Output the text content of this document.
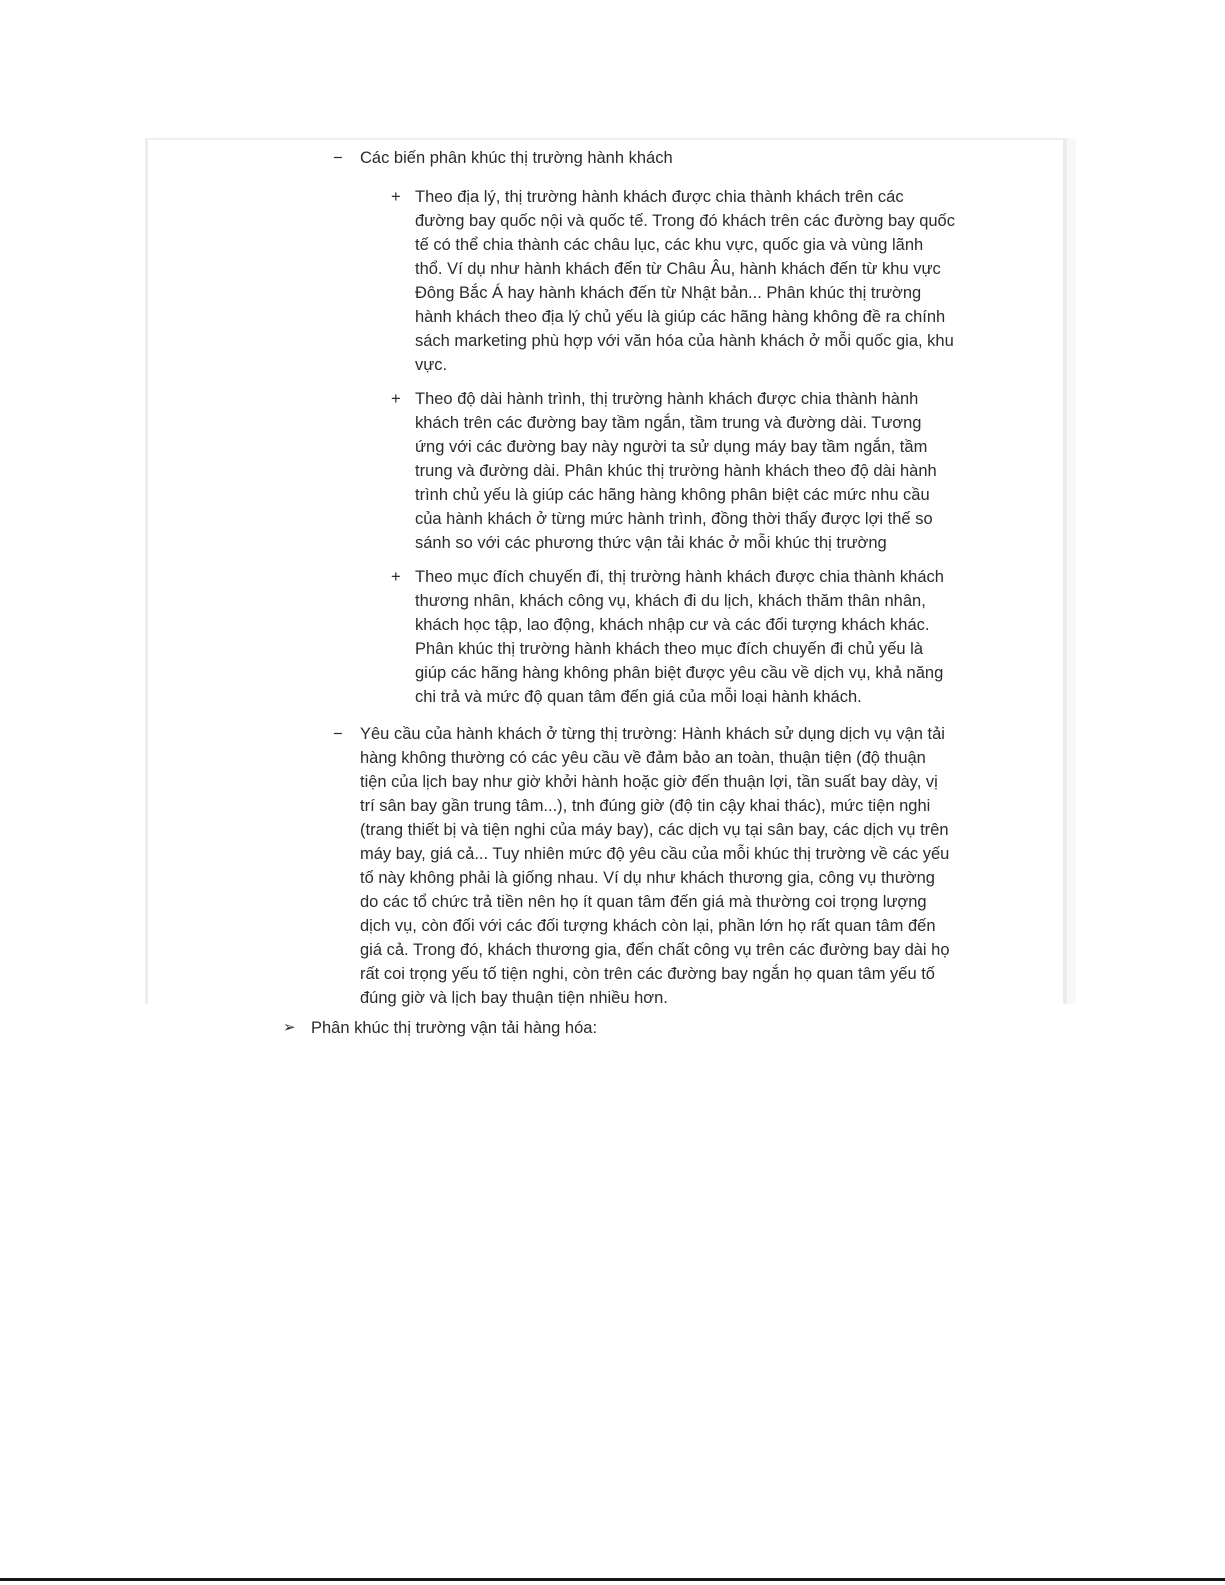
−	Các biến phân khúc thị trường hành khách
+ Theo địa lý, thị trường hành khách được chia thành khách trên các đường bay quốc nội và quốc tế. Trong đó khách trên các đường bay quốc tế có thể chia thành các châu lục, các khu vực, quốc gia và vùng lãnh thổ. Ví dụ như hành khách đến từ Châu Âu, hành khách đến từ khu vực Đông Bắc Á hay hành khách đến từ Nhật bản... Phân khúc thị trường hành khách theo địa lý chủ yếu là giúp các hãng hàng không đề ra chính sách marketing phù hợp với văn hóa của hành khách ở mỗi quốc gia, khu vực.
+ Theo độ dài hành trình, thị trường hành khách được chia thành hành khách trên các đường bay tầm ngắn, tầm trung và đường dài. Tương ứng với các đường bay này người ta sử dụng máy bay tầm ngắn, tầm trung và đường dài. Phân khúc thị trường hành khách theo độ dài hành trình chủ yếu là giúp các hãng hàng không phân biệt các mức nhu cầu của hành khách ở từng mức hành trình, đồng thời thấy được lợi thế so sánh so với các phương thức vận tải khác ở mỗi khúc thị trường
+ Theo mục đích chuyến đi, thị trường hành khách được chia thành khách thương nhân, khách công vụ, khách đi du lịch, khách thăm thân nhân, khách học tập, lao động, khách nhập cư và các đối tượng khách khác. Phân khúc thị trường hành khách theo mục đích chuyến đi chủ yếu là giúp các hãng hàng không phân biệt được yêu cầu về dịch vụ, khả năng chi trả và mức độ quan tâm đến giá của mỗi loại hành khách.
−	Yêu cầu của hành khách ở từng thị trường: Hành khách sử dụng dịch vụ vận tải hàng không thường có các yêu cầu về đảm bảo an toàn, thuận tiện (độ thuận tiện của lịch bay như giờ khởi hành hoặc giờ đến thuận lợi, tần suất bay dày, vị trí sân bay gần trung tâm...), tnh đúng giờ (độ tin cậy khai thác), mức tiện nghi (trang thiết bị và tiện nghi của máy bay), các dịch vụ tại sân bay, các dịch vụ trên máy bay, giá cả... Tuy nhiên mức độ yêu cầu của mỗi khúc thị trường về các yếu tố này không phải là giống nhau. Ví dụ như khách thương gia, công vụ thường do các tổ chức trả tiền nên họ ít quan tâm đến giá mà thường coi trọng lượng dịch vụ, còn đối với các đối tượng khách còn lại, phần lớn họ rất quan tâm đến giá cả. Trong đó, khách thương gia, đến chất công vụ trên các đường bay dài họ rất coi trọng yếu tố tiện nghi, còn trên các đường bay ngắn họ quan tâm yếu tố đúng giờ và lịch bay thuận tiện nhiều hơn.
➢ Phân khúc thị trường vận tải hàng hóa:
